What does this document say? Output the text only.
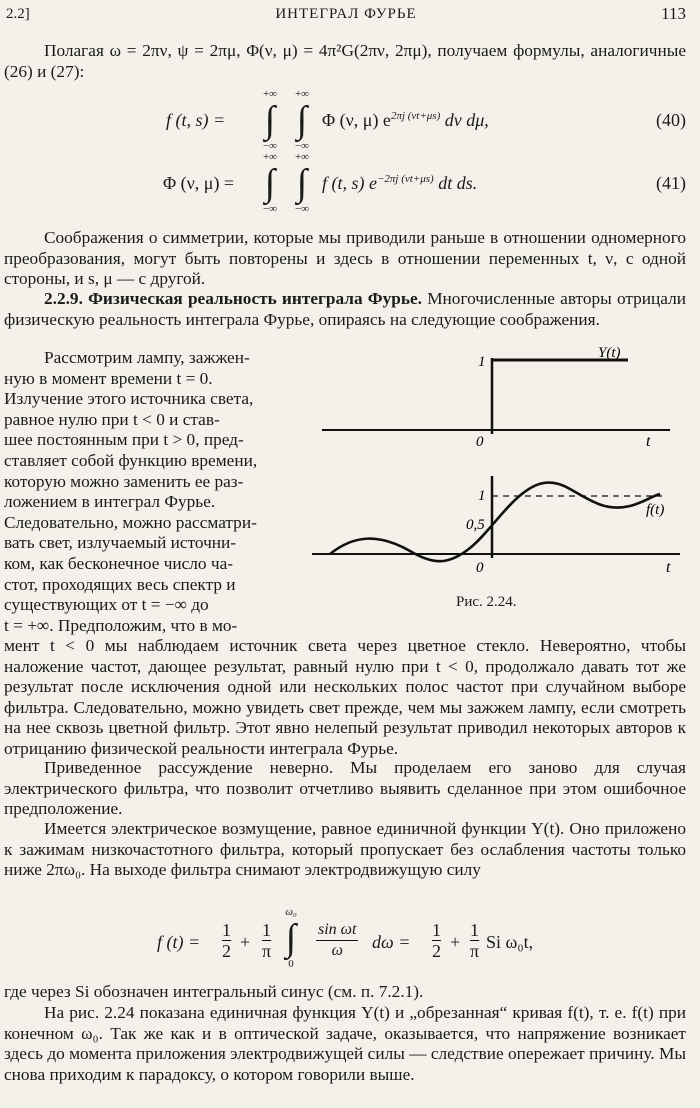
2.2]	ИНТЕГРАЛ ФУРЬЕ	113
Полагая ω = 2πν, ψ = 2πμ, Φ(ν, μ) = 4π²G(2πν, 2πμ), получаем формулы, аналогичные (26) и (27):
f (t, s) =
+∞
∫
−∞
+∞
∫
−∞
Φ (ν, μ) $e^{2\pi j (\nu t+\mu s)}$ dν dμ,	(40)
Φ (ν, μ) =
+∞
∫
−∞
+∞
∫
−∞
f (t, s) $e^{-2\pi j (\nu t+\mu s)}$ dt ds.	(41)
Соображения о симметрии, которые мы приводили раньше в отношении одномерного преобразования, могут быть повторены и здесь в отношении переменных t, ν, с одной стороны, и s, μ — с другой.
2.2.9. Физическая реальность интеграла Фурье. Многочисленные авторы отрицали физическую реальность интеграла Фурье, опираясь на следующие соображения.
Рассмотрим лампу, зажжен-
ную в момент времени t = 0.
Излучение этого источника света,
равное нулю при t < 0 и став-
шее постоянным при t > 0, пред-
ставляет собой функцию времени,
которую можно заменить ее раз-
ложением в интеграл Фурье.
Следовательно, можно рассматри-
вать свет, излучаемый источни-
ком, как бесконечное число ча-
стот, проходящих весь спектр и
существующих от t = −∞ до
t = +∞. Предположим, что в мо-
1
0	t
Υ(t)
1
0,5
0	t
f(t)
Рис. 2.24.
мент t < 0 мы наблюдаем источник света через цветное стекло. Невероятно, чтобы наложение частот, дающее результат, равный нулю при t < 0, продолжало давать тот же результат после исключения одной или нескольких полос частот при случайном выборе фильтра. Следовательно, можно увидеть свет прежде, чем мы зажжем лампу, если смотреть на нее сквозь цветной фильтр. Этот явно нелепый результат приводил некоторых авторов к отрицанию физической реальности интеграла Фурье.
Приведенное рассуждение неверно. Мы проделаем его заново для случая электрического фильтра, что позволит отчетливо выявить сделанное при этом ошибочное предположение.
Имеется электрическое возмущение, равное единичной функции Υ(t). Оно приложено к зажимам низкочастотного фильтра, который пропускает без ослабления частоты только ниже 2πω₀. На выходе фильтра снимают электродвижущую силу
f (t) =
1
2 +
1
π
ω₀
∫
0
sin ωt
ω	dω =
1
2 +
1
π Si ω₀t,
где через Si обозначен интегральный синус (см. п. 7.2.1).
На рис. 2.24 показана единичная функция Υ(t) и „обрезанная“ кривая f(t), т. е. f(t) при конечном ω₀. Так же как и в оптической задаче, оказывается, что напряжение возникает здесь до момента приложения электродвижущей силы — следствие опережает причину. Мы снова приходим к парадоксу, о котором говорили выше.
